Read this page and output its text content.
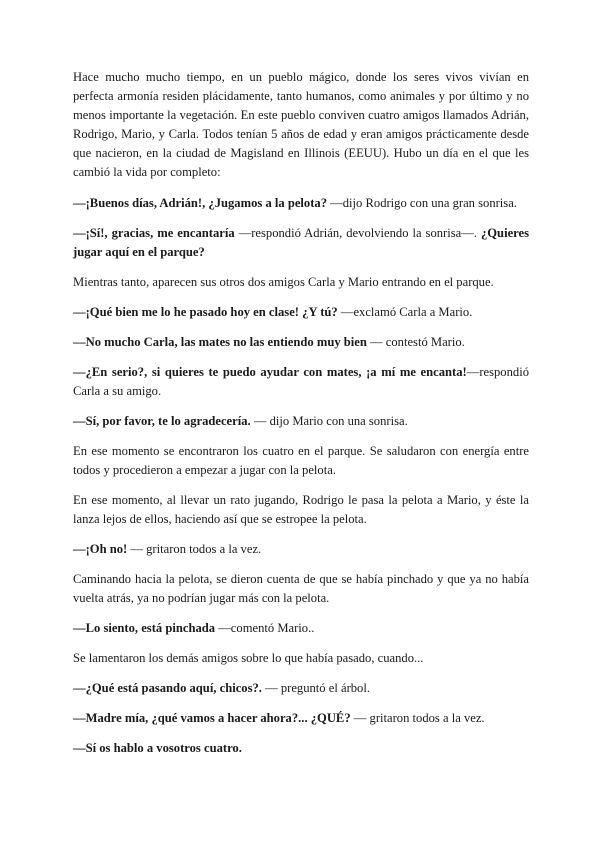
Hace mucho mucho tiempo, en un pueblo mágico, donde los seres vivos vivían en perfecta armonía residen plácidamente, tanto humanos, como animales y por último y no menos importante la vegetación. En este pueblo conviven cuatro amigos llamados Adrián, Rodrigo, Mario, y Carla. Todos tenían 5 años de edad y eran amigos prácticamente desde que nacieron, en la ciudad de Magisland en Illinois (EEUU). Hubo un día en el que les cambió la vida por completo:

—¡Buenos días, Adrián!, ¿Jugamos a la pelota? —dijo Rodrigo con una gran sonrisa.

—¡Sí!, gracias, me encantaría —respondió Adrián, devolviendo la sonrisa—. ¿Quieres jugar aquí en el parque?

Mientras tanto, aparecen sus otros dos amigos Carla y Mario entrando en el parque.

—¡Qué bien me lo he pasado hoy en clase! ¿Y tú? —exclamó Carla a Mario.

—No mucho Carla, las mates no las entiendo muy bien — contestó Mario.

—¿En serio?, si quieres te puedo ayudar con mates, ¡a mí me encanta!—respondió Carla a su amigo.

—Sí, por favor, te lo agradecería. — dijo Mario con una sonrisa.

En ese momento se encontraron los cuatro en el parque. Se saludaron con energía entre todos y procedieron a empezar a jugar con la pelota.

En ese momento, al llevar un rato jugando, Rodrigo le pasa la pelota a Mario, y éste la lanza lejos de ellos, haciendo así que se estropee la pelota.

—¡Oh no! — gritaron todos a la vez.

Caminando hacia la pelota, se dieron cuenta de que se había pinchado y que ya no había vuelta atrás, ya no podrían jugar más con la pelota.

—Lo siento, está pinchada —comentó Mario..

Se lamentaron los demás amigos sobre lo que había pasado, cuando...

—¿Qué está pasando aquí, chicos?. — preguntó el árbol.

—Madre mía, ¿qué vamos a hacer ahora?... ¿QUÉ? — gritaron todos a la vez.

—Sí os hablo a vosotros cuatro.
